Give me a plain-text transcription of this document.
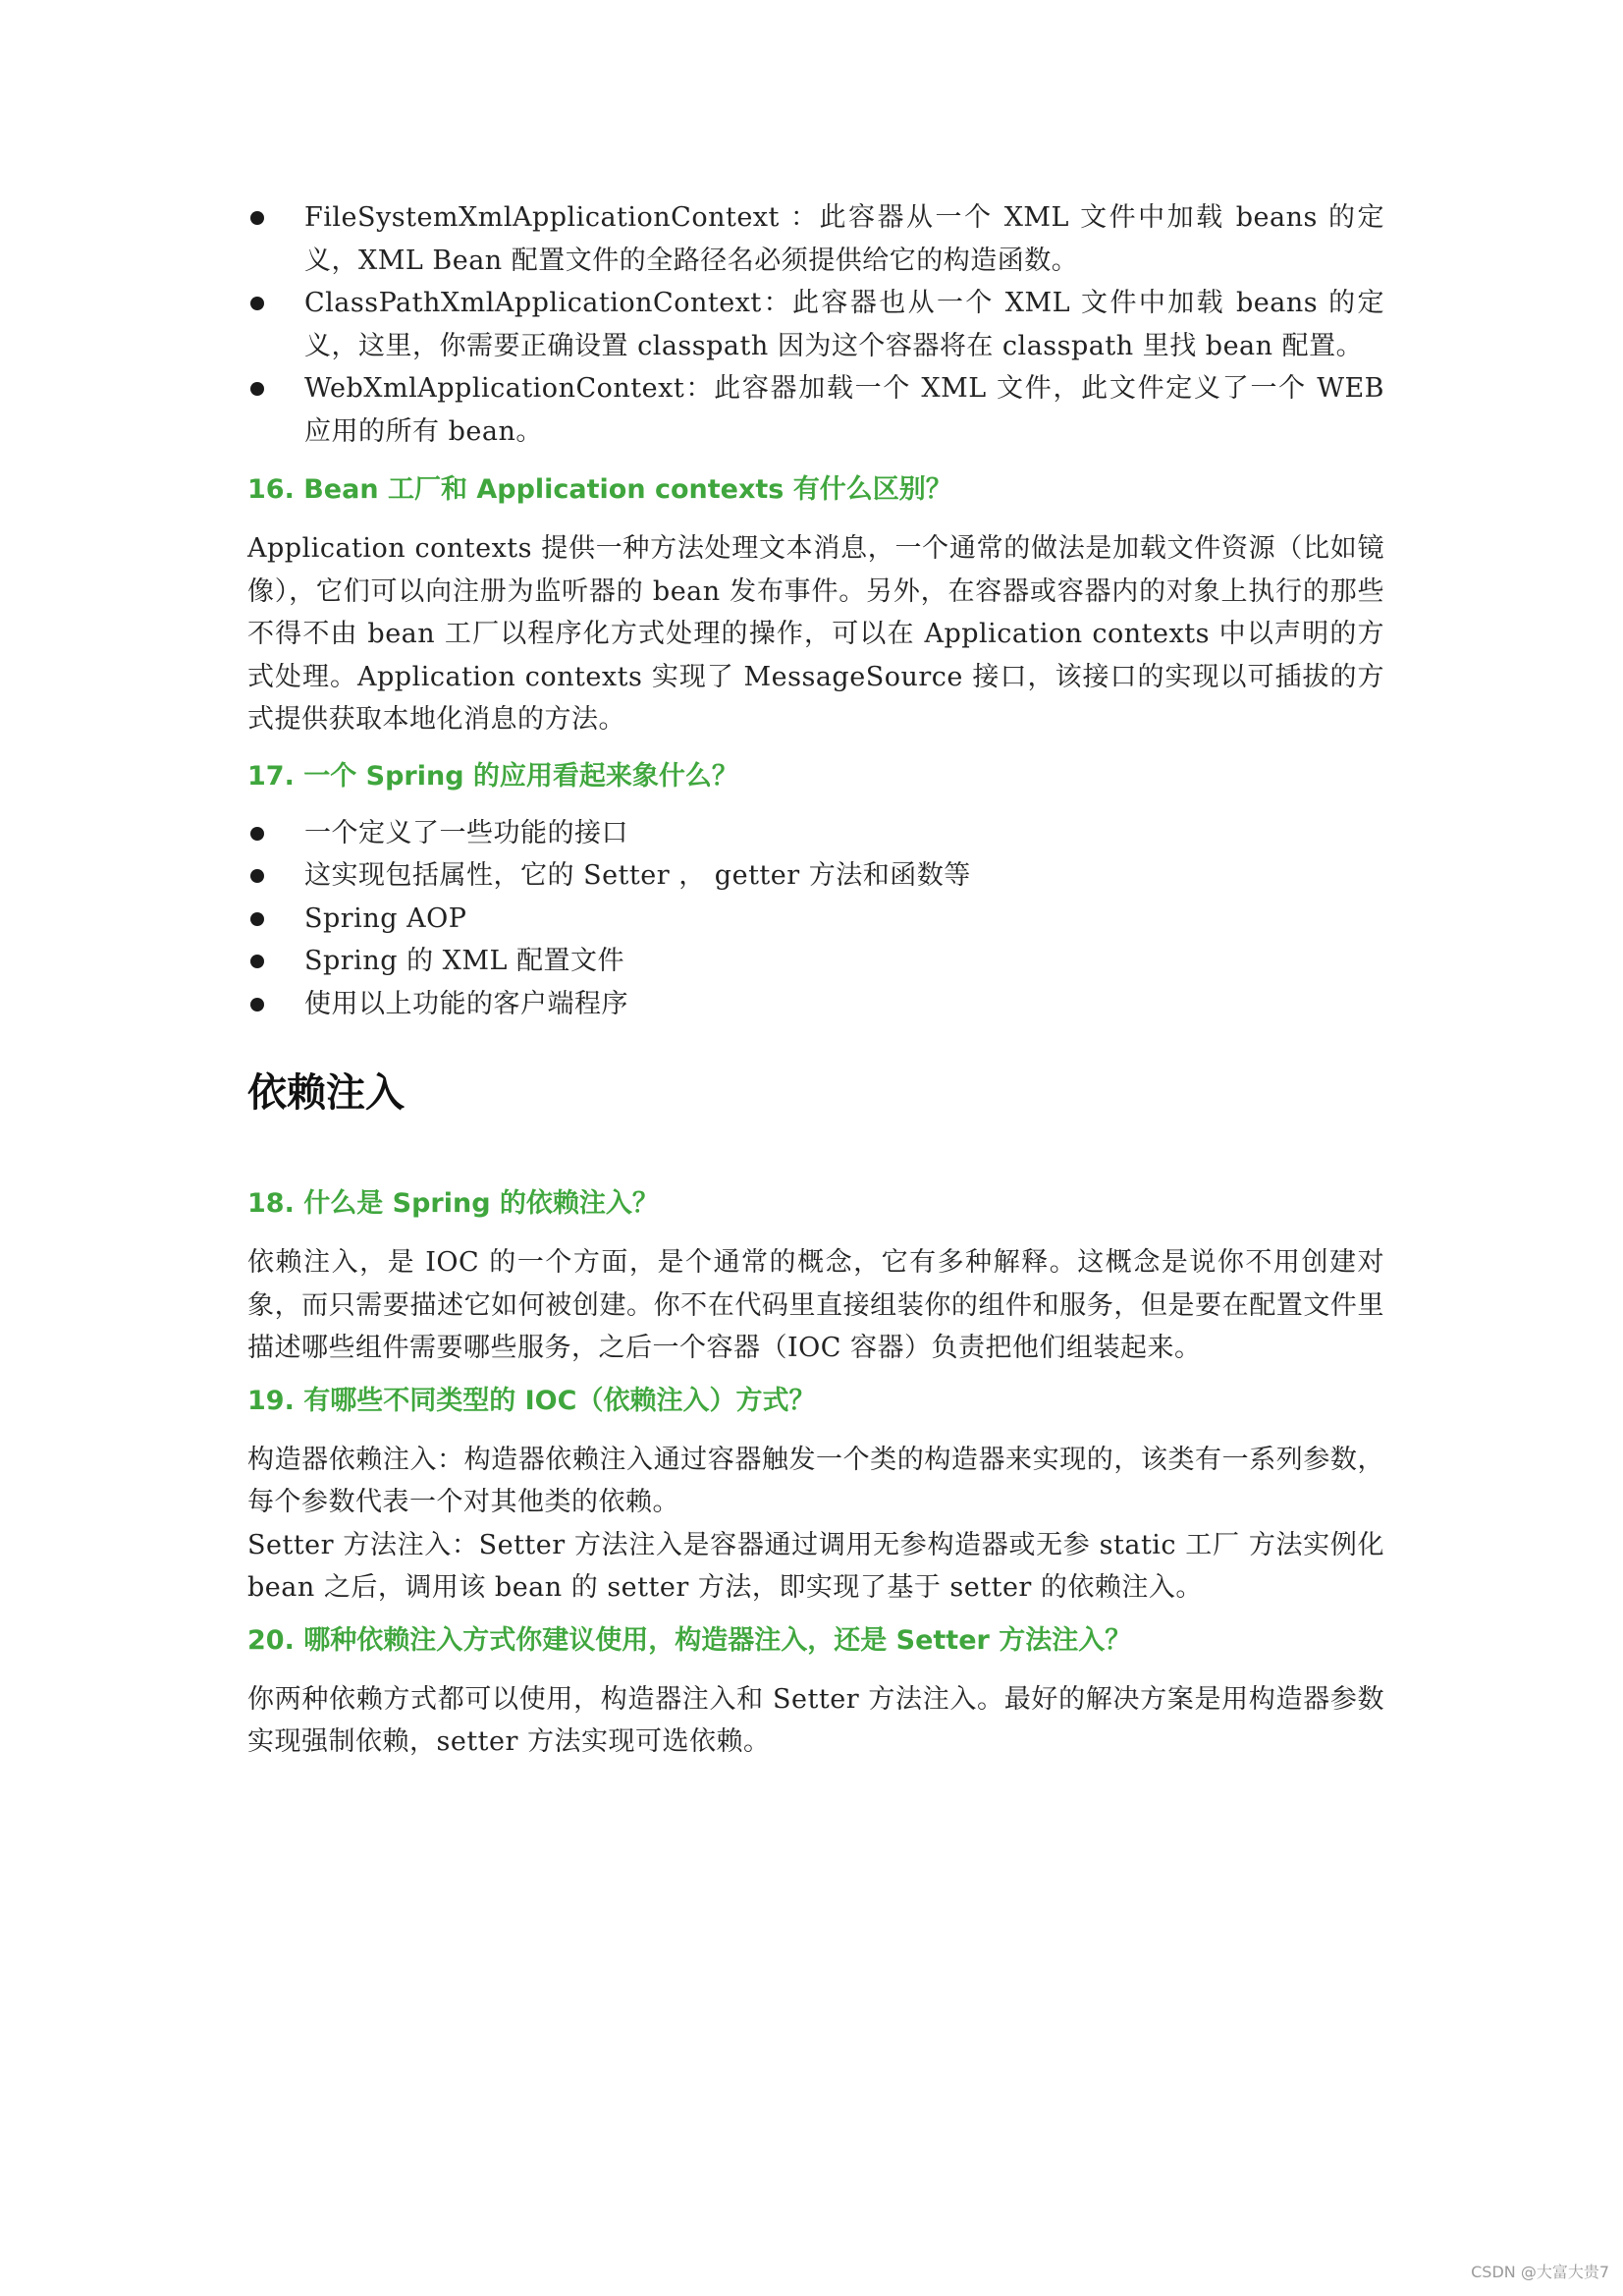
FileSystemXmlApplicationContext ：此容器从一个 XML 文件中加载 beans 的定义，XML Bean 配置文件的全路径名必须提供给它的构造函数。
ClassPathXmlApplicationContext：此容器也从一个 XML 文件中加载 beans 的定义，这里，你需要正确设置 classpath 因为这个容器将在 classpath 里找 bean 配置。
WebXmlApplicationContext：此容器加载一个 XML 文件，此文件定义了一个 WEB 应用的所有 bean。
16. Bean 工厂和 Application contexts 有什么区别？

Application contexts 提供一种方法处理文本消息，一个通常的做法是加载文件资源（比如镜像），它们可以向注册为监听器的 bean 发布事件。另外，在容器或容器内的对象上执行的那些不得不由 bean 工厂以程序化方式处理的操作，可以在 Application contexts 中以声明的方式处理。Application contexts 实现了 MessageSource 接口，该接口的实现以可插拔的方式提供获取本地化消息的方法。

17. 一个 Spring 的应用看起来象什么？
一个定义了一些功能的接口
这实现包括属性，它的 Setter ， getter 方法和函数等
Spring AOP
Spring 的 XML 配置文件
使用以上功能的客户端程序
依赖注入
18. 什么是 Spring 的依赖注入？

依赖注入，是 IOC 的一个方面，是个通常的概念，它有多种解释。这概念是说你不用创建对象，而只需要描述它如何被创建。你不在代码里直接组装你的组件和服务，但是要在配置文件里描述哪些组件需要哪些服务，之后一个容器（IOC 容器）负责把他们组装起来。

19. 有哪些不同类型的 IOC（依赖注入）方式？

构造器依赖注入：构造器依赖注入通过容器触发一个类的构造器来实现的，该类有一系列参数，每个参数代表一个对其他类的依赖。

Setter 方法注入：Setter 方法注入是容器通过调用无参构造器或无参 static 工厂 方法实例化 bean 之后，调用该 bean 的 setter 方法，即实现了基于 setter 的依赖注入。

20. 哪种依赖注入方式你建议使用，构造器注入，还是 Setter 方法注入？

你两种依赖方式都可以使用，构造器注入和 Setter 方法注入。最好的解决方案是用构造器参数实现强制依赖，setter 方法实现可选依赖。

CSDN @大富大贵7
